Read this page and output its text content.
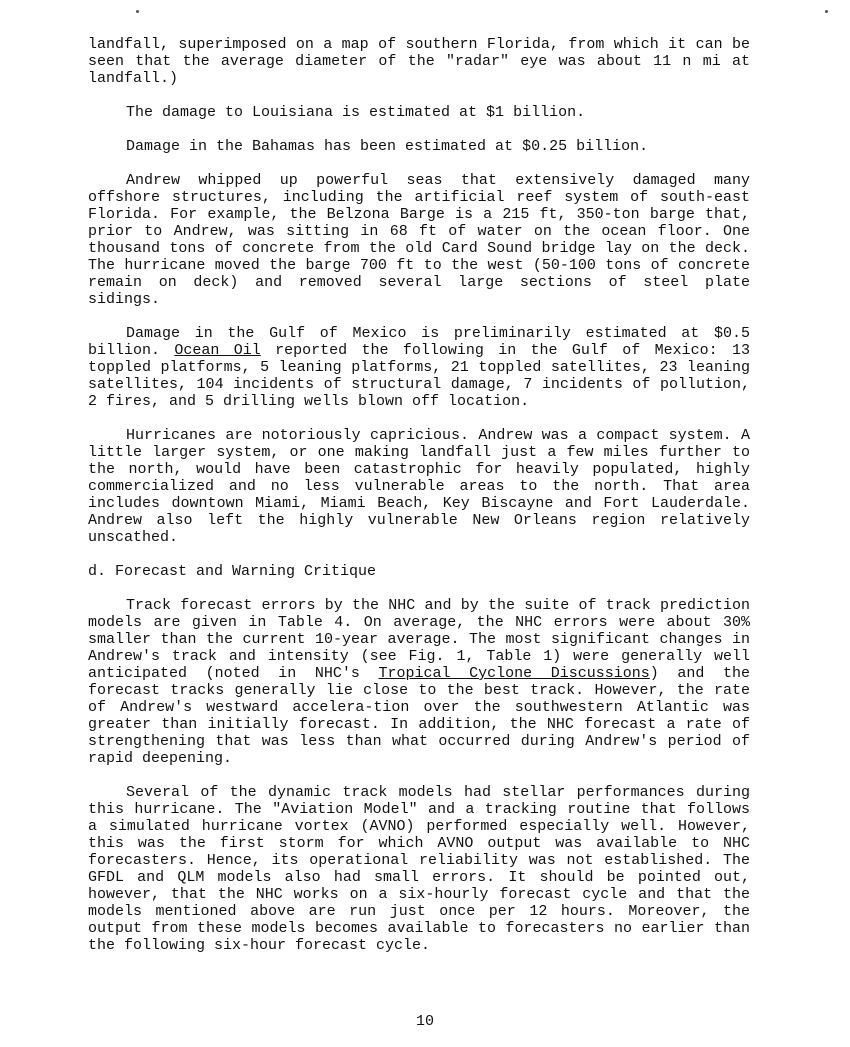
landfall, superimposed on a map of southern Florida, from which it can be seen that the average diameter of the "radar" eye was about 11 n mi at landfall.)

The damage to Louisiana is estimated at $1 billion.

Damage in the Bahamas has been estimated at $0.25 billion.

Andrew whipped up powerful seas that extensively damaged many offshore structures, including the artificial reef system of south-east Florida. For example, the Belzona Barge is a 215 ft, 350-ton barge that, prior to Andrew, was sitting in 68 ft of water on the ocean floor. One thousand tons of concrete from the old Card Sound bridge lay on the deck. The hurricane moved the barge 700 ft to the west (50-100 tons of concrete remain on deck) and removed several large sections of steel plate sidings.

Damage in the Gulf of Mexico is preliminarily estimated at $0.5 billion. Ocean Oil reported the following in the Gulf of Mexico: 13 toppled platforms, 5 leaning platforms, 21 toppled satellites, 23 leaning satellites, 104 incidents of structural damage, 7 incidents of pollution, 2 fires, and 5 drilling wells blown off location.

Hurricanes are notoriously capricious. Andrew was a compact system. A little larger system, or one making landfall just a few miles further to the north, would have been catastrophic for heavily populated, highly commercialized and no less vulnerable areas to the north. That area includes downtown Miami, Miami Beach, Key Biscayne and Fort Lauderdale. Andrew also left the highly vulnerable New Orleans region relatively unscathed.

d. Forecast and Warning Critique

Track forecast errors by the NHC and by the suite of track prediction models are given in Table 4. On average, the NHC errors were about 30% smaller than the current 10-year average. The most significant changes in Andrew's track and intensity (see Fig. 1, Table 1) were generally well anticipated (noted in NHC's Tropical Cyclone Discussions) and the forecast tracks generally lie close to the best track. However, the rate of Andrew's westward accelera-tion over the southwestern Atlantic was greater than initially forecast. In addition, the NHC forecast a rate of strengthening that was less than what occurred during Andrew's period of rapid deepening.

Several of the dynamic track models had stellar performances during this hurricane. The "Aviation Model" and a tracking routine that follows a simulated hurricane vortex (AVNO) performed especially well. However, this was the first storm for which AVNO output was available to NHC forecasters. Hence, its operational reliability was not established. The GFDL and QLM models also had small errors. It should be pointed out, however, that the NHC works on a six-hourly forecast cycle and that the models mentioned above are run just once per 12 hours. Moreover, the output from these models becomes available to forecasters no earlier than the following six-hour forecast cycle.

10
